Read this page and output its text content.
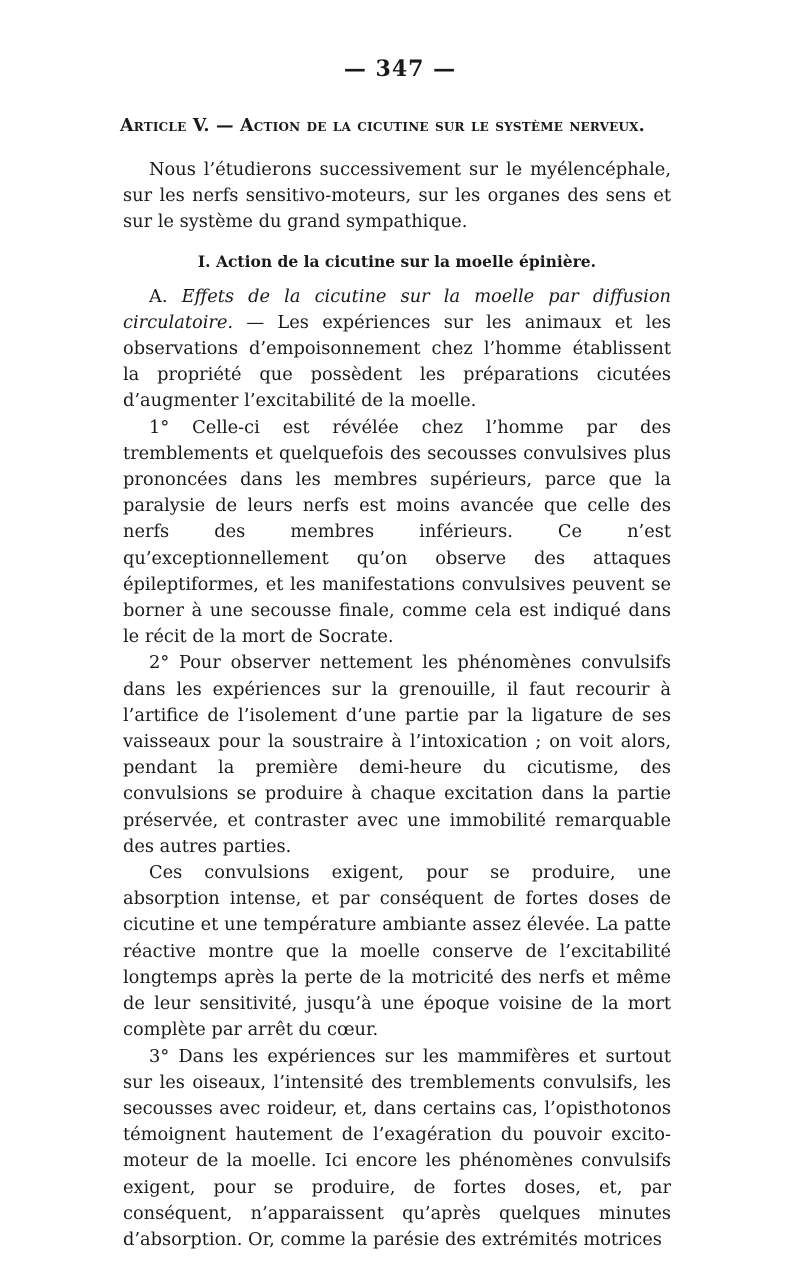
— 347 —
Article V. — Action de la cicutine sur le système nerveux.

Nous l’étudierons successivement sur le myélencéphale, sur les nerfs sensitivo-moteurs, sur les organes des sens et sur le système du grand sympathique.

I. Action de la cicutine sur la moelle épinière.

A. Effets de la cicutine sur la moelle par diffusion circulatoire. — Les expériences sur les animaux et les observations d’empoisonnement chez l’homme établissent la propriété que possèdent les préparations cicutées d’augmenter l’excitabilité de la moelle.

1° Celle-ci est révélée chez l’homme par des tremblements et quelquefois des secousses convulsives plus prononcées dans les membres supérieurs, parce que la paralysie de leurs nerfs est moins avancée que celle des nerfs des membres inférieurs. Ce n’est qu’exceptionnellement qu’on observe des attaques épileptiformes, et les manifestations convulsives peuvent se borner à une secousse finale, comme cela est indiqué dans le récit de la mort de Socrate.

2° Pour observer nettement les phénomènes convulsifs dans les expériences sur la grenouille, il faut recourir à l’artifice de l’isolement d’une partie par la ligature de ses vaisseaux pour la soustraire à l’intoxication ; on voit alors, pendant la première demi-heure du cicutisme, des convulsions se produire à chaque excitation dans la partie préservée, et contraster avec une immobilité remarquable des autres parties.

Ces convulsions exigent, pour se produire, une absorption intense, et par conséquent de fortes doses de cicutine et une température ambiante assez élevée. La patte réactive montre que la moelle conserve de l’excitabilité longtemps après la perte de la motricité des nerfs et même de leur sensitivité, jusqu’à une époque voisine de la mort complète par arrêt du cœur.

3° Dans les expériences sur les mammifères et surtout sur les oiseaux, l’intensité des tremblements convulsifs, les secousses avec roideur, et, dans certains cas, l’opisthotonos témoignent hautement de l’exagération du pouvoir excito-moteur de la moelle. Ici encore les phénomènes convulsifs exigent, pour se produire, de fortes doses, et, par conséquent, n’apparaissent qu’après quelques minutes d’absorption. Or, comme la parésie des extrémités motrices
